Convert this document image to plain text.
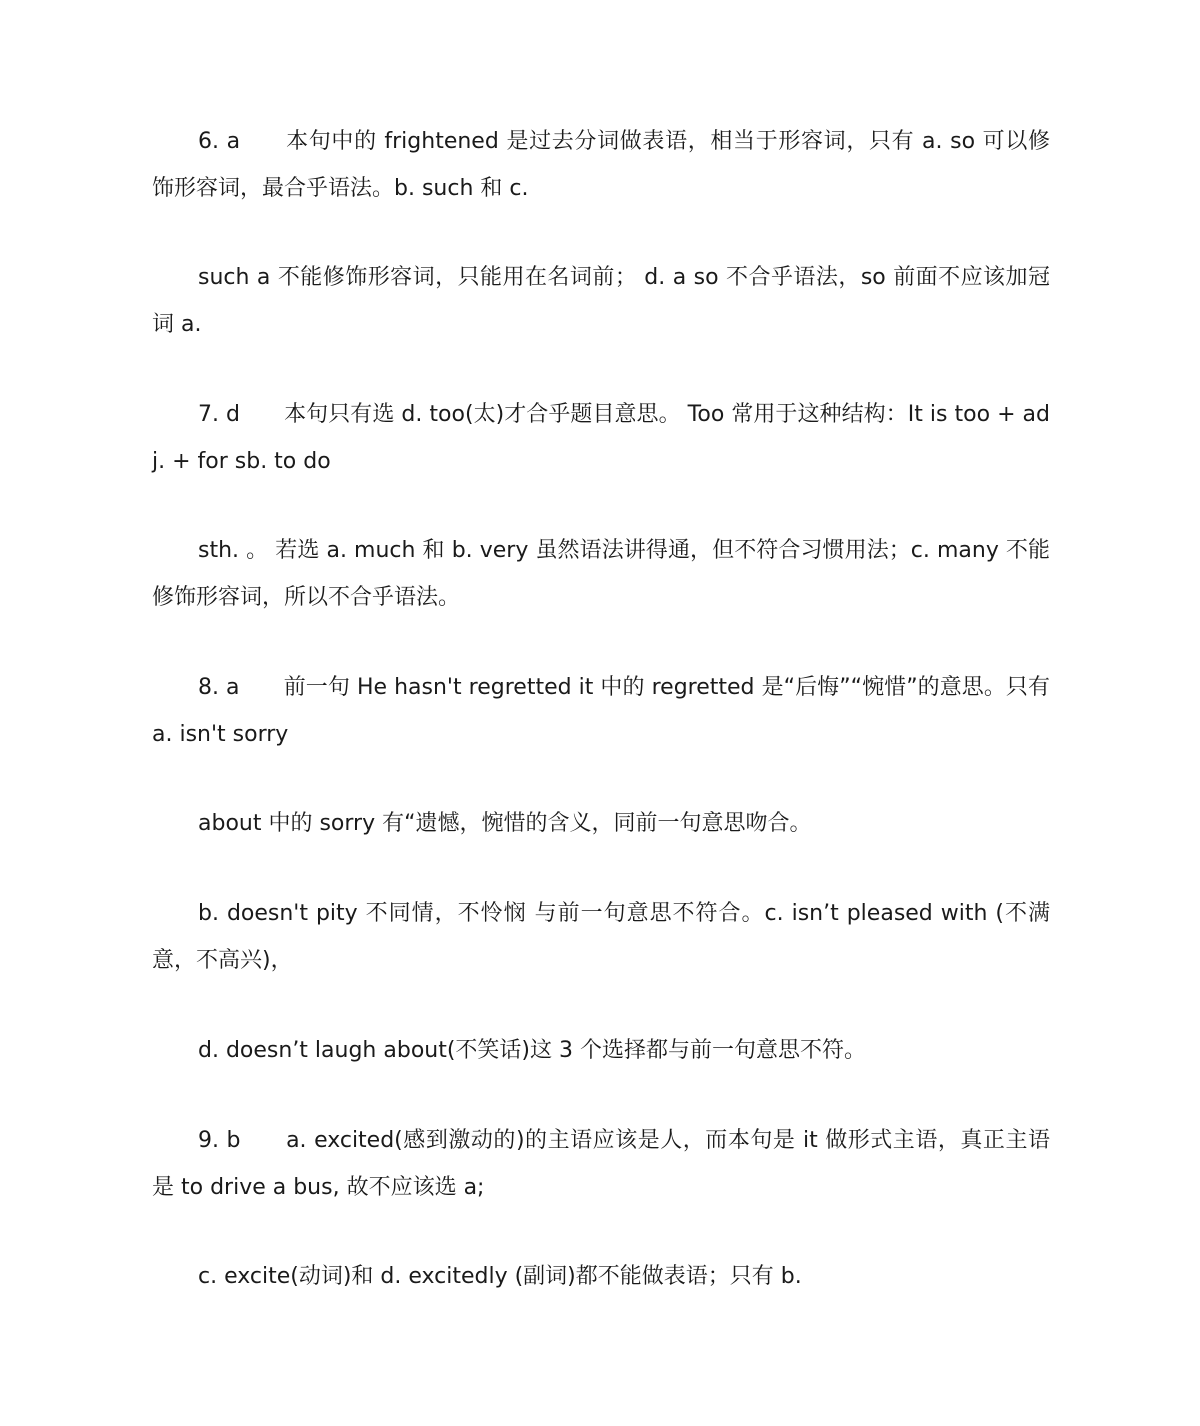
6. a　　本句中的 frightened 是过去分词做表语，相当于形容词，只有 a. so 可以修饰形容词，最合乎语法。b. such 和 c.

such a 不能修饰形容词，只能用在名词前； d. a so 不合乎语法，so 前面不应该加冠词 a.

7. d　　本句只有选 d. too(太)才合乎题目意思。 Too 常用于这种结构：It is too + adj. + for sb. to do

sth. 。 若选 a. much 和 b. very 虽然语法讲得通，但不符合习惯用法；c. many 不能修饰形容词，所以不合乎语法。

8. a　　前一句 He hasn't regretted it 中的 regretted 是“后悔”“惋惜”的意思。只有 a. isn't sorry

about 中的 sorry 有“遗憾，惋惜的含义，同前一句意思吻合。

b. doesn't pity 不同情，不怜悯 与前一句意思不符合。c. isn’t pleased with (不满意，不高兴)，

d. doesn’t laugh about(不笑话)这 3 个选择都与前一句意思不符。

9. b　　a. excited(感到激动的)的主语应该是人，而本句是 it 做形式主语，真正主语是 to drive a bus, 故不应该选 a;

c. excite(动词)和 d. excitedly (副词)都不能做表语；只有 b.
